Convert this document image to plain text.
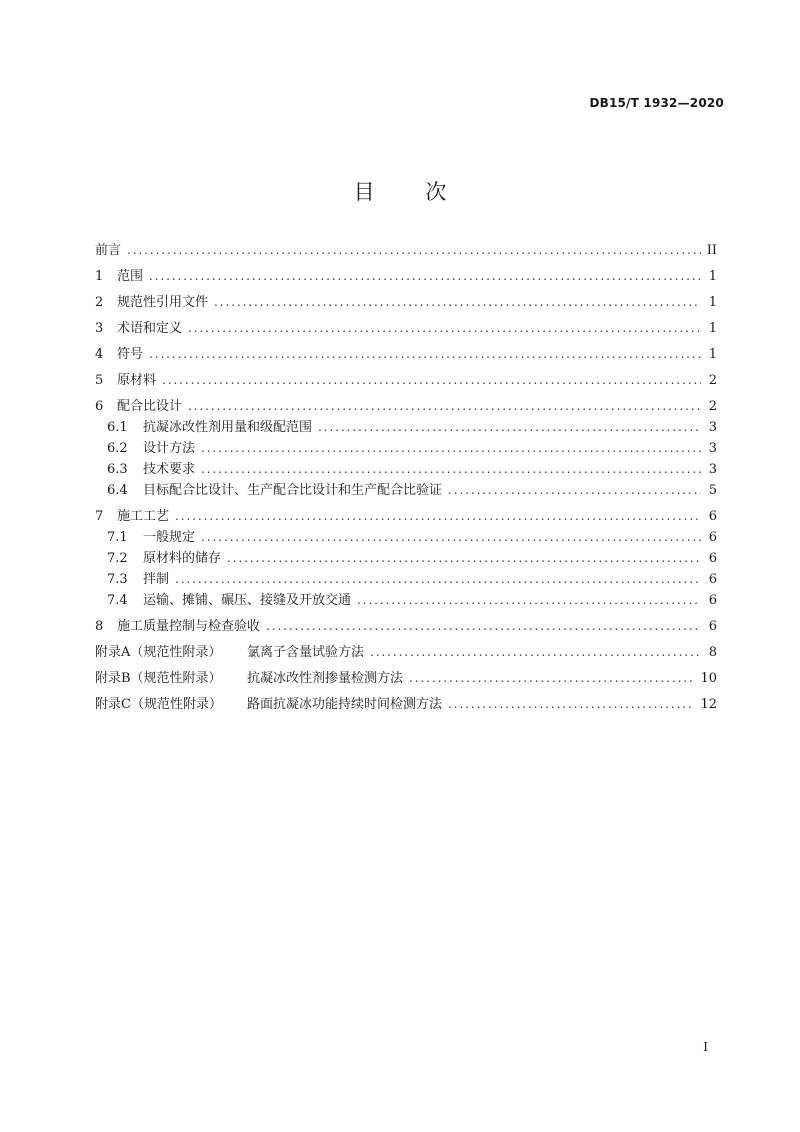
DB15/T 1932—2020
目 次
前言 .....	II
1	范围 .....	1
2	规范性引用文件 .....	1
3	术语和定义 .....	1
4	符号 .....	1
5	原材料 .....	2
6	配合比设计 .....	2
6.1	抗凝冰改性剂用量和级配范围 .....	3
6.2	设计方法 .....	3
6.3	技术要求 .....	3
6.4	目标配合比设计、生产配合比设计和生产配合比验证 .....	5
7	施工工艺 .....	6
7.1	一般规定 .....	6
7.2	原材料的储存 .....	6
7.3	拌制 .....	6
7.4	运输、摊铺、碾压、接缝及开放交通 .....	6
8	施工质量控制与检查验收 .....	6
附录A（规范性附录）	氯离子含量试验方法 .....	8
附录B（规范性附录）	抗凝冰改性剂掺量检测方法 .....	10
附录C（规范性附录）	路面抗凝冰功能持续时间检测方法 .....	12
I
